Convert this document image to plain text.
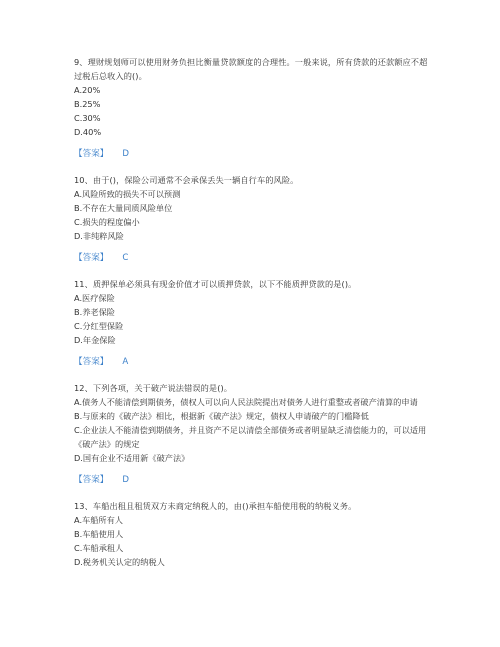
9、理财规划师可以使用财务负担比衡量贷款额度的合理性。一般来说，所有贷款的还款额应不超过税后总收入的()。

A.20%

B.25%

C.30%

D.40%

【答案】 D

10、由于()，保险公司通常不会承保丢失一辆自行车的风险。

A.风险所致的损失不可以预测

B.不存在大量同质风险单位

C.损失的程度偏小

D.非纯粹风险

【答案】 C

11、质押保单必须具有现金价值才可以质押贷款，以下不能质押贷款的是()。

A.医疗保险

B.养老保险

C.分红型保险

D.年金保险

【答案】 A

12、下列各项，关于破产说法错误的是()。

A.债务人不能清偿到期债务，债权人可以向人民法院提出对债务人进行重整或者破产清算的申请

B.与原来的《破产法》相比，根据新《破产法》规定，债权人申请破产的门槛降低

C.企业法人不能清偿到期债务，并且资产不足以清偿全部债务或者明显缺乏清偿能力的，可以适用《破产法》的规定

D.国有企业不适用新《破产法》

【答案】 D

13、车船出租且租赁双方未商定纳税人的，由()承担车船使用税的纳税义务。

A.车船所有人

B.车船使用人

C.车船承租人

D.税务机关认定的纳税人
